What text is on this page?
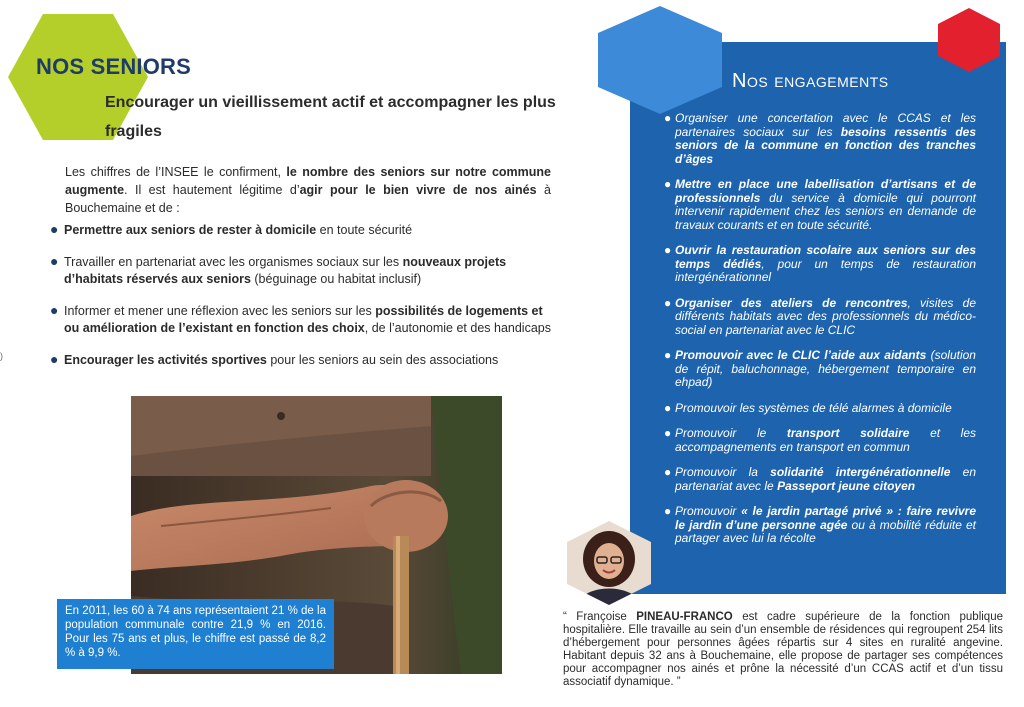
NOS SENIORS
Encourager un vieillissement actif et accompagner les plus fragiles
Les chiffres de l’INSEE le confirment, le nombre des seniors sur notre commune augmente. Il est hautement légitime d’agir pour le bien vivre de nos ainés à Bouchemaine et de :
● Permettre aux seniors de rester à domicile en toute sécurité
● Travailler en partenariat avec les organismes sociaux sur les nouveaux projets d’habitats réservés aux seniors (béguinage ou habitat inclusif)
● Informer et mener une réflexion avec les seniors sur les possibilités de logements et ou amélioration de l’existant en fonction des choix, de l’autonomie et des handicaps
● Encourager les activités sportives pour les seniors au sein des associations
)
En 2011, les 60 à 74 ans représentaient 21 % de la population communale contre 21,9 % en 2016. Pour les 75 ans et plus, le chiffre est passé de 8,2 % à 9,9 %.
Nos engagements
● Organiser une concertation avec le CCAS et les partenaires sociaux sur les besoins ressentis des seniors de la commune en fonction des tranches d’âges
● Mettre en place une labellisation d’artisans et de professionnels du service à domicile qui pourront intervenir rapidement chez les seniors en demande de travaux courants et en toute sécurité.
● Ouvrir la restauration scolaire aux seniors sur des temps dédiés, pour un temps de restauration intergénérationnel
● Organiser des ateliers de rencontres, visites de différents habitats avec des professionnels du médico-social en partenariat avec le CLIC
● Promouvoir avec le CLIC l’aide aux aidants (solution de répit, baluchonnage, hébergement temporaire en ehpad)
● Promouvoir les systèmes de télé alarmes à domicile
● Promouvoir le transport solidaire et les accompagnements en transport en commun
● Promouvoir la solidarité intergénérationnelle en partenariat avec le Passeport jeune citoyen
● Promouvoir « le jardin partagé privé » : faire revivre le jardin d’une personne agée ou à mobilité réduite et partager avec lui la récolte
“ Françoise PINEAU-FRANCO est cadre supérieure de la fonction publique hospitalière. Elle travaille au sein d’un ensemble de résidences qui regroupent 254 lits d’hébergement pour personnes âgées répartis sur 4 sites en ruralité angevine. Habitant depuis 32 ans à Bouchemaine, elle propose de partager ses compétences pour accompagner nos ainés et prône la nécessité d’un CCAS actif et d’un tissu associatif dynamique. ”
